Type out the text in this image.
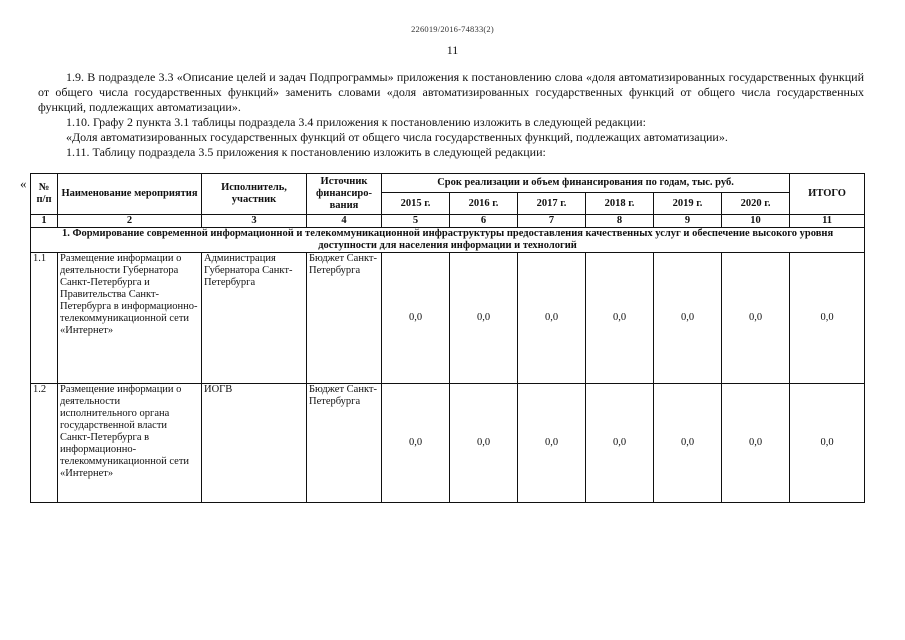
226019/2016-74833(2)
11

1.9. В подразделе 3.3 «Описание целей и задач Подпрограммы» приложения к постановлению слова «доля автоматизированных государственных функций от общего числа государственных функций» заменить словами «доля автоматизированных государственных функций от общего числа государственных функций, подлежащих автоматизации».

1.10. Графу 2 пункта 3.1 таблицы подраздела 3.4 приложения к постановлению изложить в следующей редакции:

«Доля автоматизированных государственных функций от общего числа государственных функций, подлежащих автоматизации».

1.11. Таблицу подраздела 3.5 приложения к постановлению изложить в следующей редакции:

« № п/п	Наименование мероприятия	Исполнитель, участник	Источник финансиро-вания	Срок реализации и объем финансирования по годам, тыс. руб.						ИТОГО
				2015 г.	2016 г.	2017 г.	2018 г.	2019 г.	2020 г.	
1	2	3	4	5	6	7	8	9	10	11
1. Формирование современной информационной и телекоммуникационной инфраструктуры предоставления качественных услуг и обеспечение высокого уровня доступности для населения информации и технологий										
1.1	Размещение информации о деятельности Губернатора Санкт-Петербурга и Правительства Санкт-Петербурга в информационно-телекоммуникационной сети «Интернет»	Администрация Губернатора Санкт-Петербурга	Бюджет Санкт-Петербурга	0,0	0,0	0,0	0,0	0,0	0,0	0,0
1.2	Размещение информации о деятельности исполнительного органа государственной власти Санкт-Петербурга в информационно-телекоммуникационной сети «Интернет»	ИОГВ	Бюджет Санкт-Петербурга	0,0	0,0	0,0	0,0	0,0	0,0	0,0
